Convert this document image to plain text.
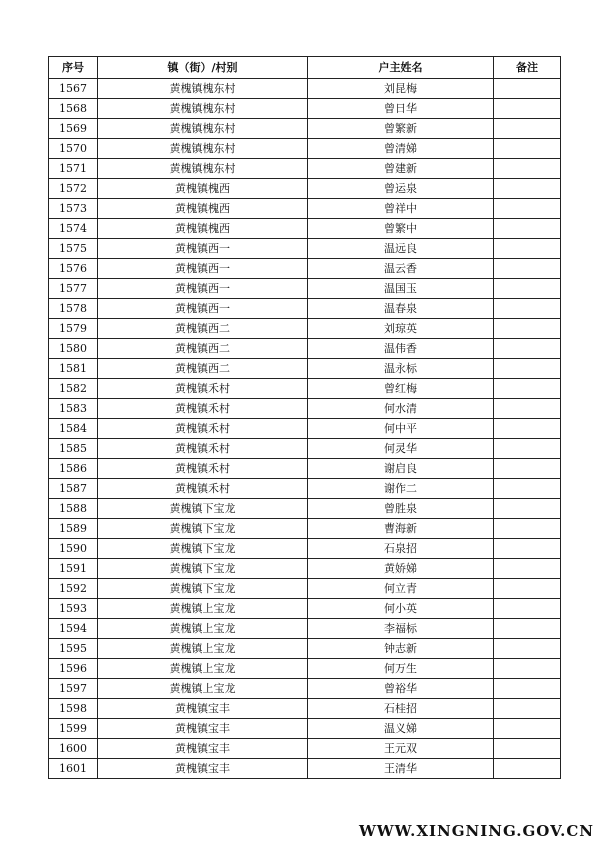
序号	镇（街）/村别	户主姓名	备注
1567	黄槐镇槐东村	刘昆梅	
1568	黄槐镇槐东村	曾日华	
1569	黄槐镇槐东村	曾繁新	
1570	黄槐镇槐东村	曾清娣	
1571	黄槐镇槐东村	曾建新	
1572	黄槐镇槐西	曾运泉	
1573	黄槐镇槐西	曾祥中	
1574	黄槐镇槐西	曾繁中	
1575	黄槐镇西一	温远良	
1576	黄槐镇西一	温云香	
1577	黄槐镇西一	温国玉	
1578	黄槐镇西一	温春泉	
1579	黄槐镇西二	刘琼英	
1580	黄槐镇西二	温伟香	
1581	黄槐镇西二	温永标	
1582	黄槐镇禾村	曾红梅	
1583	黄槐镇禾村	何水清	
1584	黄槐镇禾村	何中平	
1585	黄槐镇禾村	何灵华	
1586	黄槐镇禾村	谢启良	
1587	黄槐镇禾村	谢作二	
1588	黄槐镇下宝龙	曾胜泉	
1589	黄槐镇下宝龙	曹海新	
1590	黄槐镇下宝龙	石泉招	
1591	黄槐镇下宝龙	黄娇娣	
1592	黄槐镇下宝龙	何立青	
1593	黄槐镇上宝龙	何小英	
1594	黄槐镇上宝龙	李福标	
1595	黄槐镇上宝龙	钟志新	
1596	黄槐镇上宝龙	何万生	
1597	黄槐镇上宝龙	曾裕华	
1598	黄槐镇宝丰	石桂招	
1599	黄槐镇宝丰	温义娣	
1600	黄槐镇宝丰	王元双	
1601	黄槐镇宝丰	王清华	
WWW.XINGNING.GOV.CN
